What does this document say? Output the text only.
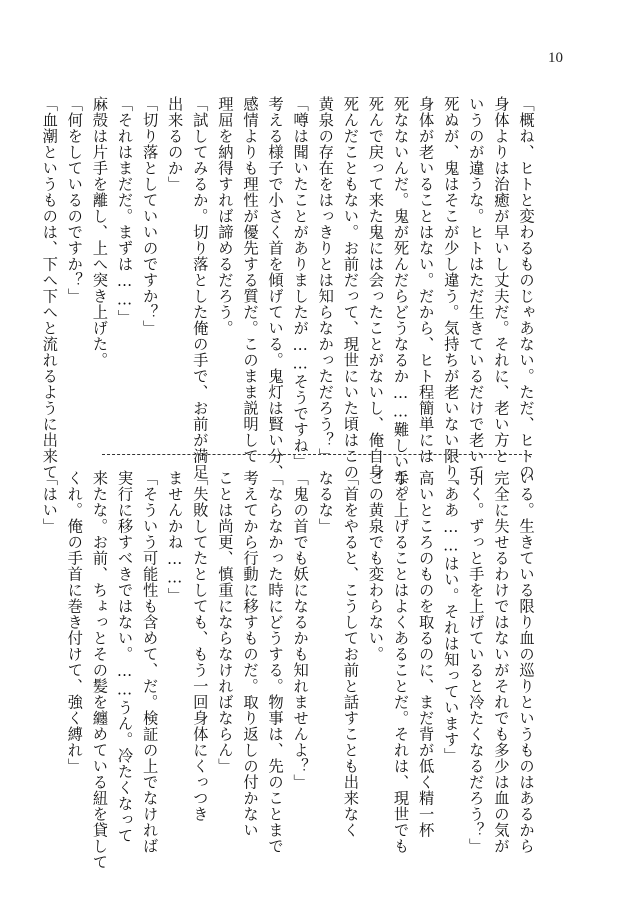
10
「概ね、ヒトと変わるものじゃあない。ただ、ヒトの
身体よりは治癒が早いし丈夫だ。それに、老い方と
いうのが違うな。ヒトはただ生きているだけで老いて
死ぬが、鬼はそこが少し違う。気持ちが老いない限り、
身体が老いることはない。だから、ヒト程簡単には
死なないんだ。鬼が死んだらどうなるか……難しいな。
死んで戻って来た鬼には会ったことがないし、俺自身
死んだこともない。お前だって、現世にいた頃はこの
黄泉の存在をはっきりとは知らなかっただろう？」
「噂は聞いたことがありましたが……そうですね」
考える様子で小さく首を傾げている。鬼灯は賢い分、
感情よりも理性が優先する質だ。このまま説明して
理屈を納得すれば諦めるだろう。
「試してみるか。切り落とした俺の手で、お前が満足
出来るのか」
「切り落としていいのですか？」
「それはまだだ。まずは……」
麻殻は片手を離し、上へ突き上げた。
「何をしているのですか？」
「血潮というものは、下へ下へと流れるように出来て
いる。生きている限り血の巡りというものはあるから
完全に失せるわけではないがそれでも多少は血の気が
引く。ずっと手を上げていると冷たくなるだろう？」
「ああ……はい。それは知っています」
高いところのものを取るのに、まだ背が低く精一杯
手を上げることはよくあることだ。それは、現世でも
この黄泉でも変わらない。
「首をやると、こうしてお前と話すことも出来なく
なるな」
「鬼の首でも妖になるかも知れませんよ？」
「ならなかった時にどうする。物事は、先のことまで
考えてから行動に移すものだ。取り返しの付かない
ことは尚更、慎重にならなければならん」
「失敗してたとしても、もう一回身体にくっつき
ませんかね……」
「そういう可能性も含めて、だ。検証の上でなければ
実行に移すべきではない。……うん。冷たくなって
来たな。お前、ちょっとその髪を纏めている紐を貸して
くれ。俺の手首に巻き付けて、強く縛れ」
「はい」
